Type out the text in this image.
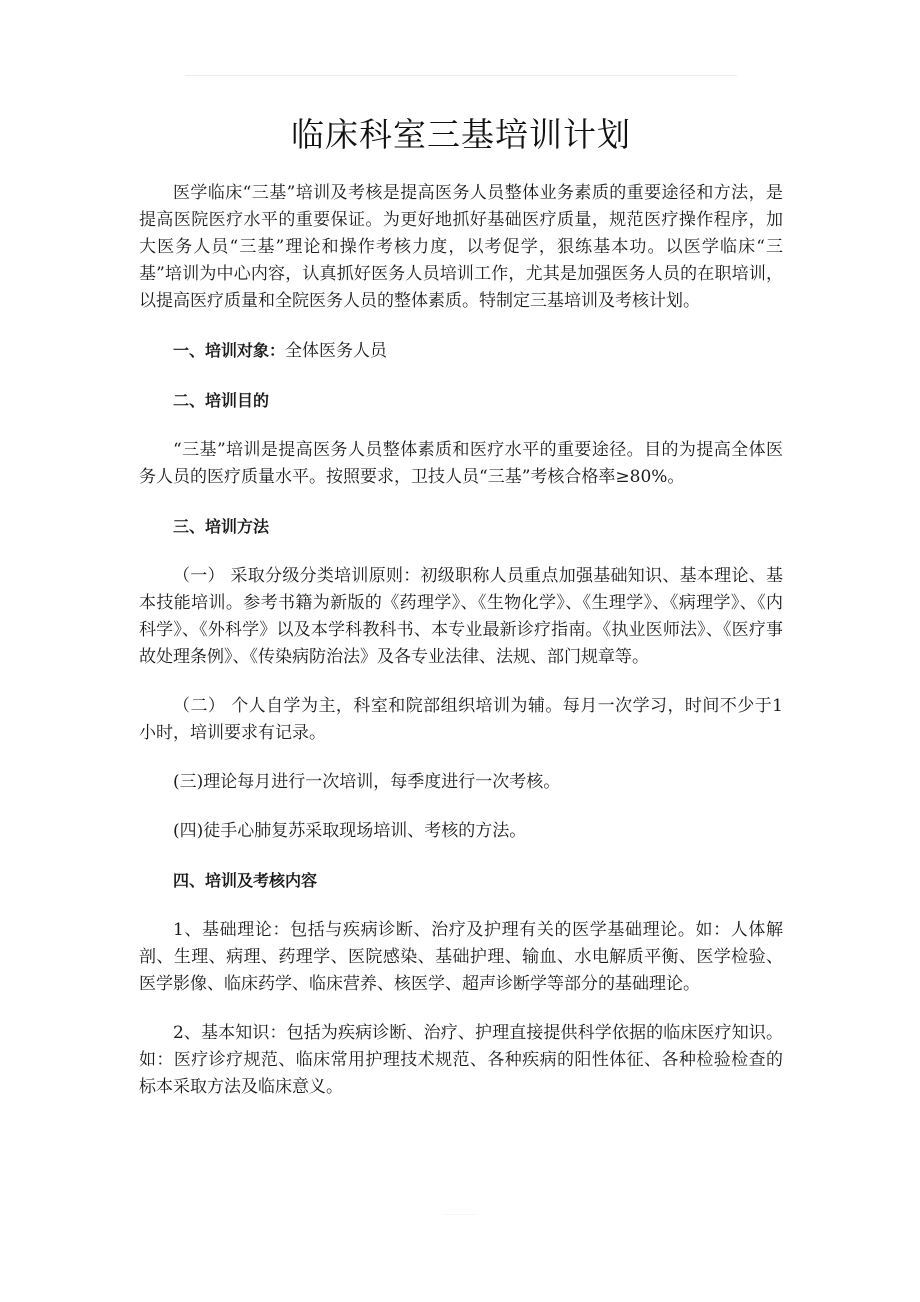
临床科室三基培训计划

医学临床“三基”培训及考核是提高医务人员整体业务素质的重要途径和方法，是提高医院医疗水平的重要保证。为更好地抓好基础医疗质量，规范医疗操作程序，加大医务人员“三基”理论和操作考核力度，以考促学，狠练基本功。以医学临床“三基”培训为中心内容，认真抓好医务人员培训工作，尤其是加强医务人员的在职培训，以提高医疗质量和全院医务人员的整体素质。特制定三基培训及考核计划。

一、培训对象：全体医务人员

二、培训目的

“三基”培训是提高医务人员整体素质和医疗水平的重要途径。目的为提高全体医务人员的医疗质量水平。按照要求，卫技人员“三基”考核合格率≥80%。

三、培训方法

（一） 采取分级分类培训原则：初级职称人员重点加强基础知识、基本理论、基本技能培训。参考书籍为新版的《药理学》、《生物化学》、《生理学》、《病理学》、《内科学》、《外科学》以及本学科教科书、本专业最新诊疗指南。《执业医师法》、《医疗事故处理条例》、《传染病防治法》及各专业法律、法规、部门规章等。

（二） 个人自学为主，科室和院部组织培训为辅。每月一次学习，时间不少于1小时，培训要求有记录。

(三)理论每月进行一次培训，每季度进行一次考核。

(四)徒手心肺复苏采取现场培训、考核的方法。

四、培训及考核内容

1、基础理论：包括与疾病诊断、治疗及护理有关的医学基础理论。如：人体解剖、生理、病理、药理学、医院感染、基础护理、输血、水电解质平衡、医学检验、医学影像、临床药学、临床营养、核医学、超声诊断学等部分的基础理论。

2、基本知识：包括为疾病诊断、治疗、护理直接提供科学依据的临床医疗知识。如：医疗诊疗规范、临床常用护理技术规范、各种疾病的阳性体征、各种检验检查的标本采取方法及临床意义。
